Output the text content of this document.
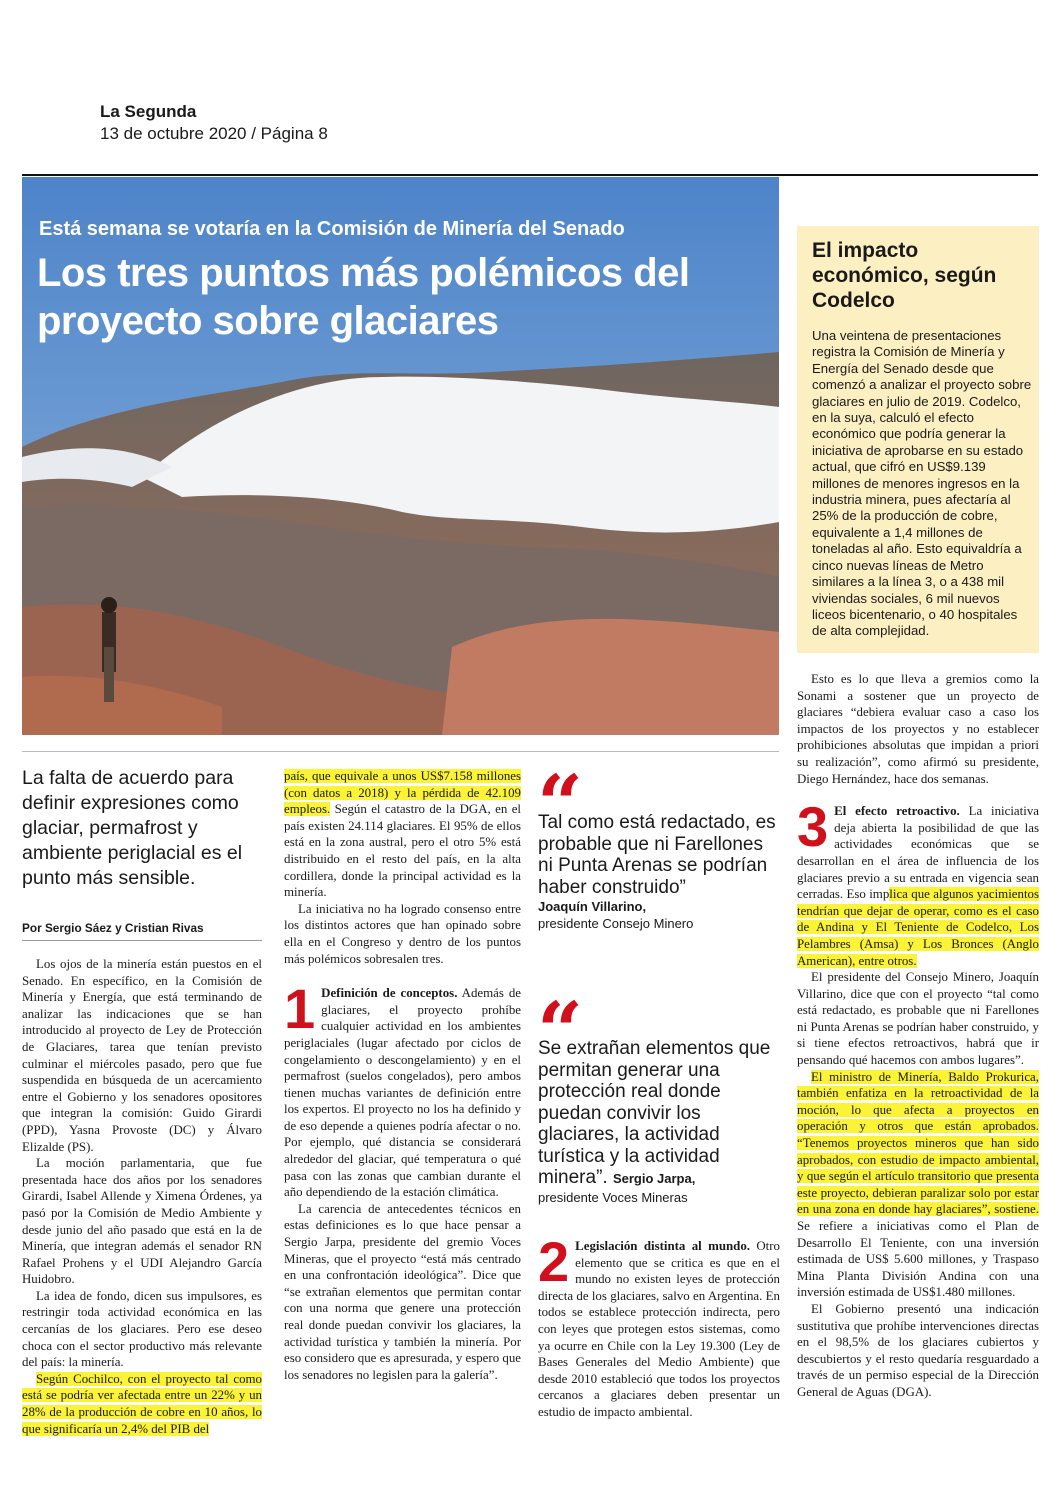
La Segunda
13 de octubre 2020 / Página 8
Está semana se votaría en la Comisión de Minería del Senado
Los tres puntos más polémicos del proyecto sobre glaciares
El impacto económico, según Codelco
Una veintena de presentaciones registra la Comisión de Minería y Energía del Senado desde que comenzó a analizar el proyecto sobre glaciares en julio de 2019. Codelco, en la suya, calculó el efecto económico que podría generar la iniciativa de aprobarse en su estado actual, que cifró en US$9.139 millones de menores ingresos en la industria minera, pues afectaría al 25% de la producción de cobre, equivalente a 1,4 millones de toneladas al año. Esto equivaldría a cinco nuevas líneas de Metro similares a la línea 3, o a 438 mil viviendas sociales, 6 mil nuevos liceos bicentenario, o 40 hospitales de alta complejidad.
La falta de acuerdo para definir expresiones como glaciar, permafrost y ambiente periglacial es el punto más sensible.
Por Sergio Sáez y Cristian Rivas

Los ojos de la minería están puestos en el Senado. En específico, en la Comisión de Minería y Energía, que está terminando de analizar las indicaciones que se han introducido al proyecto de Ley de Protección de Glaciares, tarea que tenían previsto culminar el miércoles pasado, pero que fue suspendida en búsqueda de un acercamiento entre el Gobierno y los senadores opositores que integran la comisión: Guido Girardi (PPD), Yasna Provoste (DC) y Álvaro Elizalde (PS).

La moción parlamentaria, que fue presentada hace dos años por los senadores Girardi, Isabel Allende y Ximena Órdenes, ya pasó por la Comisión de Medio Ambiente y desde junio del año pasado que está en la de Minería, que integran además el senador RN Rafael Prohens y el UDI Alejandro García Huidobro.

La idea de fondo, dicen sus impulsores, es restringir toda actividad económica en las cercanías de los glaciares. Pero ese deseo choca con el sector productivo más relevante del país: la minería.

Según Cochilco, con el proyecto tal como está se podría ver afectada entre un 22% y un 28% de la producción de cobre en 10 años, lo que significaría un 2,4% del PIB del

país, que equivale a unos US$7.158 millones (con datos a 2018) y la pérdida de 42.109 empleos. Según el catastro de la DGA, en el país existen 24.114 glaciares. El 95% de ellos está en la zona austral, pero el otro 5% está distribuido en el resto del país, en la alta cordillera, donde la principal actividad es la minería.

La iniciativa no ha logrado consenso entre los distintos actores que han opinado sobre ella en el Congreso y dentro de los puntos más polémicos sobresalen tres.

1 Definición de conceptos. Además de glaciares, el proyecto prohíbe cualquier actividad en los ambientes periglaciales (lugar afectado por ciclos de congelamiento o descongelamiento) y en el permafrost (suelos congelados), pero ambos tienen muchas variantes de definición entre los expertos. El proyecto no los ha definido y de eso depende a quienes podría afectar o no. Por ejemplo, qué distancia se considerará alrededor del glaciar, qué temperatura o qué pasa con las zonas que cambian durante el año dependiendo de la estación climática.

La carencia de antecedentes técnicos en estas definiciones es lo que hace pensar a Sergio Jarpa, presidente del gremio Voces Mineras, que el proyecto “está más centrado en una confrontación ideológica”. Dice que “se extrañan elementos que permitan contar con una norma que genere una protección real donde puedan convivir los glaciares, la actividad turística y también la minería. Por eso considero que es apresurada, y espero que los senadores no legislen para la galería”.

“
Tal como está redactado, es probable que ni Farellones ni Punta Arenas se podrían haber construido”
Joaquín Villarino,
presidente Consejo Minero
“
Se extrañan elementos que permitan generar una protección real donde puedan convivir los glaciares, la actividad turística y la actividad minera”. Sergio Jarpa,
presidente Voces Mineras

2 Legislación distinta al mundo. Otro elemento que se critica es que en el mundo no existen leyes de protección directa de los glaciares, salvo en Argentina. En todos se establece protección indirecta, pero con leyes que protegen estos sistemas, como ya ocurre en Chile con la Ley 19.300 (Ley de Bases Generales del Medio Ambiente) que desde 2010 estableció que todos los proyectos cercanos a glaciares deben presentar un estudio de impacto ambiental.

Esto es lo que lleva a gremios como la Sonami a sostener que un proyecto de glaciares “debiera evaluar caso a caso los impactos de los proyectos y no establecer prohibiciones absolutas que impidan a priori su realización”, como afirmó su presidente, Diego Hernández, hace dos semanas.

3 El efecto retroactivo. La iniciativa deja abierta la posibilidad de que las actividades económicas que se desarrollan en el área de influencia de los glaciares previo a su entrada en vigencia sean cerradas. Eso implica que algunos yacimientos tendrían que dejar de operar, como es el caso de Andina y El Teniente de Codelco, Los Pelambres (Amsa) y Los Bronces (Anglo American), entre otros.

El presidente del Consejo Minero, Joaquín Villarino, dice que con el proyecto “tal como está redactado, es probable que ni Farellones ni Punta Arenas se podrían haber construido, y si tiene efectos retroactivos, habrá que ir pensando qué hacemos con ambos lugares”.

El ministro de Minería, Baldo Prokurica, también enfatiza en la retroactividad de la moción, lo que afecta a proyectos en operación y otros que están aprobados. “Tenemos proyectos mineros que han sido aprobados, con estudio de impacto ambiental, y que según el artículo transitorio que presenta este proyecto, debieran paralizar solo por estar en una zona en donde hay glaciares”, sostiene. Se refiere a iniciativas como el Plan de Desarrollo El Teniente, con una inversión estimada de US$ 5.600 millones, y Traspaso Mina Planta División Andina con una inversión estimada de US$1.480 millones.

El Gobierno presentó una indicación sustitutiva que prohíbe intervenciones directas en el 98,5% de los glaciares cubiertos y descubiertos y el resto quedaría resguardado a través de un permiso especial de la Dirección General de Aguas (DGA).
